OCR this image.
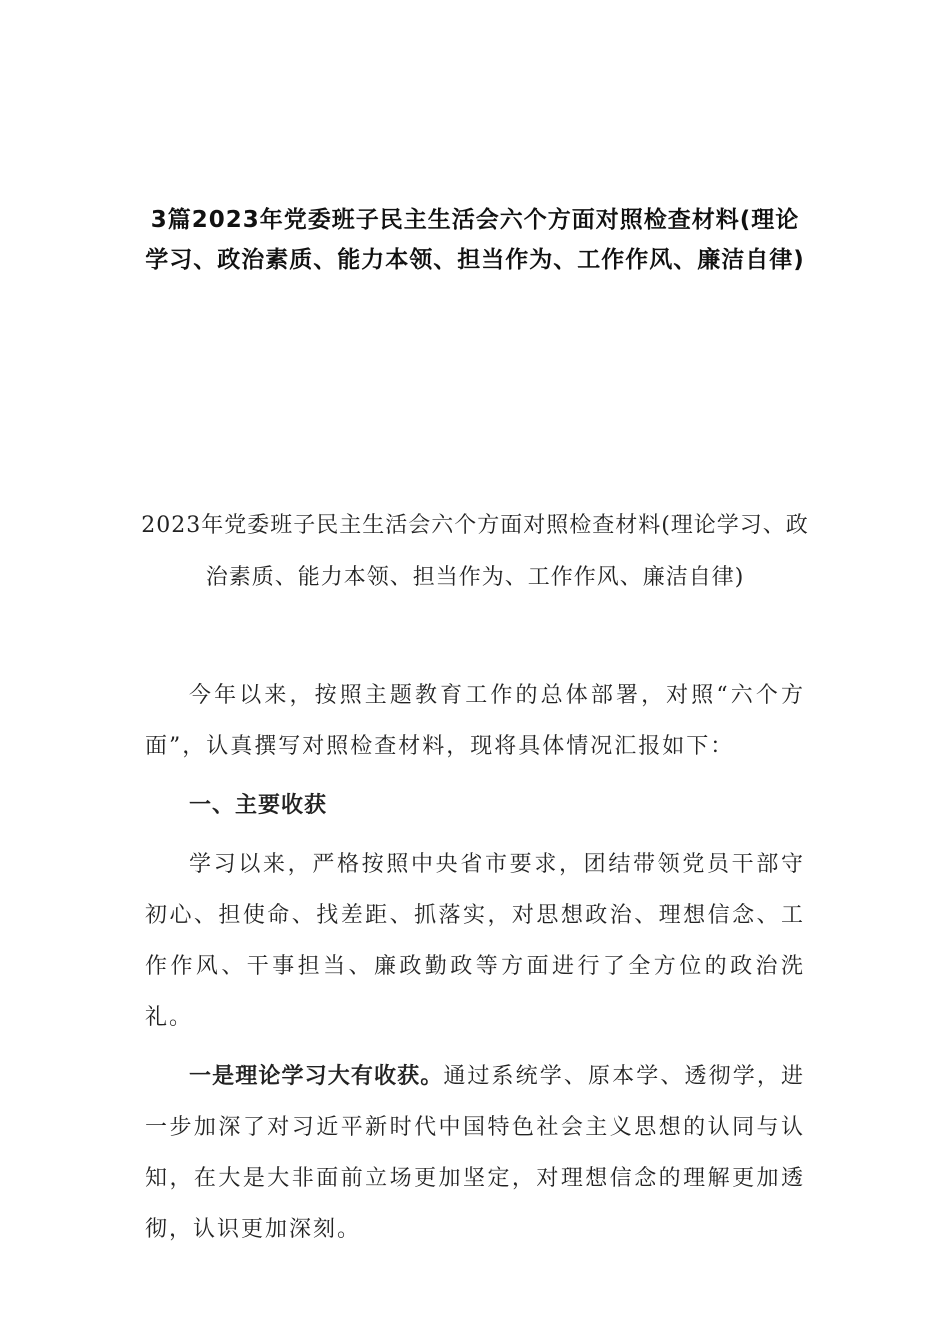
3篇2023年党委班子民主生活会六个方面对照检查材料(理论学习、政治素质、能力本领、担当作为、工作作风、廉洁自律)
2023年党委班子民主生活会六个方面对照检查材料(理论学习、政治素质、能力本领、担当作为、工作作风、廉洁自律)

今年以来，按照主题教育工作的总体部署，对照“六个方面”，认真撰写对照检查材料，现将具体情况汇报如下：

一、主要收获

学习以来，严格按照中央省市要求，团结带领党员干部守初心、担使命、找差距、抓落实，对思想政治、理想信念、工作作风、干事担当、廉政勤政等方面进行了全方位的政治洗礼。

一是理论学习大有收获。通过系统学、原本学、透彻学，进一步加深了对习近平新时代中国特色社会主义思想的认同与认知，在大是大非面前立场更加坚定，对理想信念的理解更加透彻，认识更加深刻。
